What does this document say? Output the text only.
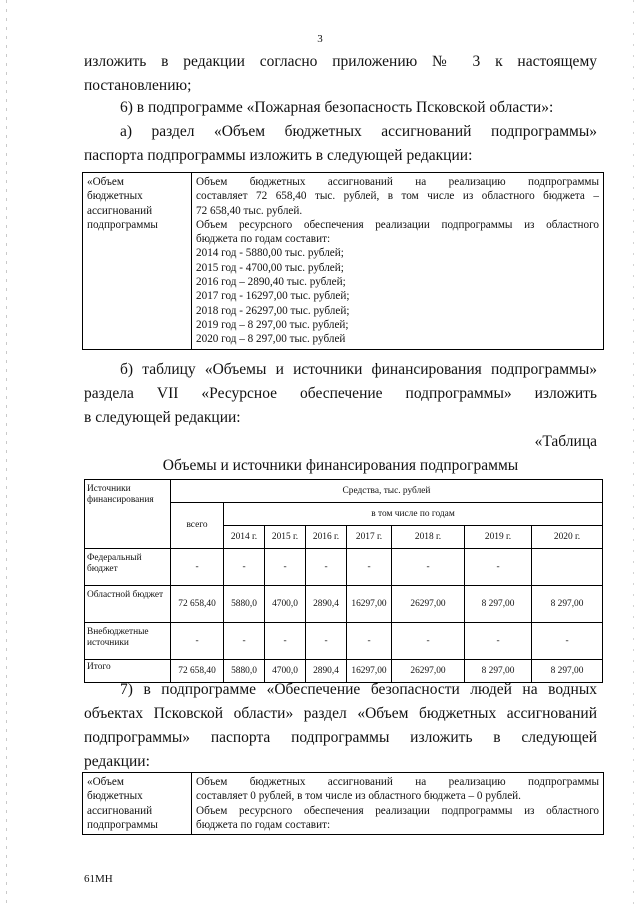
3
изложить в редакции согласно приложению № 3 к настоящему
постановлению;
6) в подпрограмме «Пожарная безопасность Псковской области»:
а) раздел «Объем бюджетных ассигнований подпрограммы»
паспорта подпрограммы изложить в следующей редакции:
«Объем
бюджетных
ассигнований
подпрограммы

Объем бюджетных ассигнований на реализацию подпрограммы
составляет 72 658,40 тыс. рублей, в том числе из областного бюджета –
72 658,40 тыс. рублей.
Объем ресурсного обеспечения реализации подпрограммы из областного
бюджета по годам составит:
2014 год - 5880,00 тыс. рублей;
2015 год - 4700,00 тыс. рублей;
2016 год – 2890,40 тыс. рублей;
2017 год - 16297,00 тыс. рублей;
2018 год - 26297,00 тыс. рублей;
2019 год – 8 297,00 тыс. рублей;
2020 год – 8 297,00 тыс. рублей
б) таблицу «Объемы и источники финансирования подпрограммы»
раздела VII «Ресурсное обеспечение подпрограммы» изложить
в следующей редакции:
«Таблица
Объемы и источники финансирования подпрограммы
Источники финансирования	Средства, тыс. рублей							
	всего	в том числе по годам						
		2014 г.	2015 г.	2016 г.	2017 г.	2018 г.	2019 г.	2020 г.
Федеральный бюджет	-	-	-	-	-	-	-	
Областной бюджет	72 658,40	5880,0	4700,0	2890,4	16297,00	26297,00	8 297,00	8 297,00
Внебюджетные источники	-	-	-	-	-	-	-	-
Итого	72 658,40	5880,0	4700,0	2890,4	16297,00	26297,00	8 297,00	8 297,00
7) в подпрограмме «Обеспечение безопасности людей на водных
объектах Псковской области» раздел «Объем бюджетных ассигнований
подпрограммы» паспорта подпрограммы изложить в следующей
редакции:
«Объем
бюджетных
ассигнований
подпрограммы

Объем бюджетных ассигнований на реализацию подпрограммы
составляет 0 рублей, в том числе из областного бюджета – 0 рублей.
Объем ресурсного обеспечения реализации подпрограммы из областного
бюджета по годам составит:
61МН
